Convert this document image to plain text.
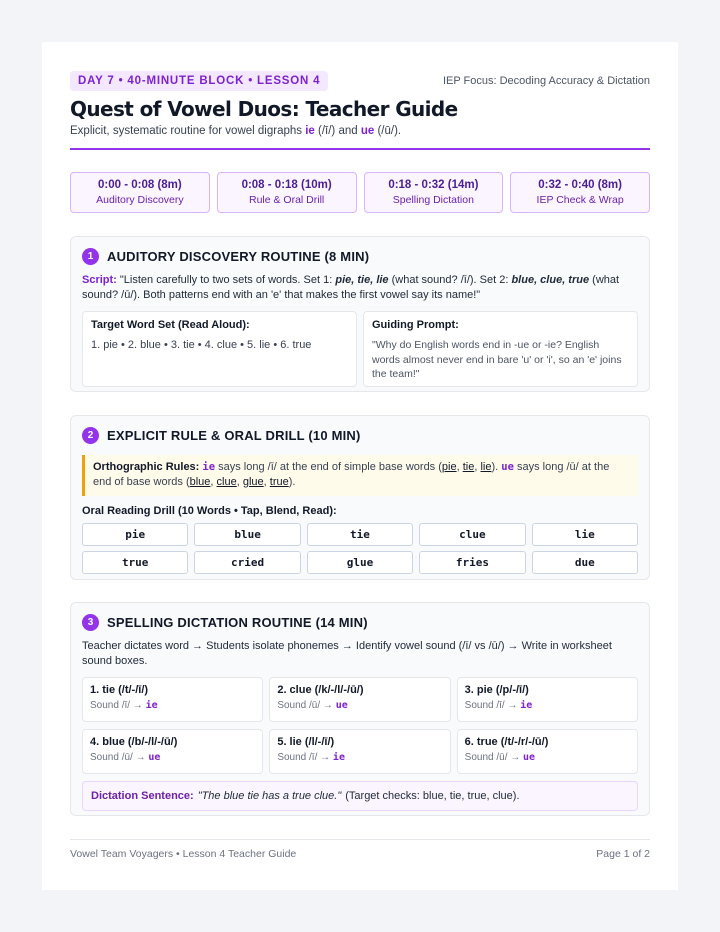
DAY 7 • 40-MINUTE BLOCK • LESSON 4	IEP Focus: Decoding Accuracy & Dictation
Quest of Vowel Duos: Teacher Guide
Explicit, systematic routine for vowel digraphs ie (/ī/) and ue (/ū/).
0:00 - 0:08 (8m)
Auditory Discovery
0:08 - 0:18 (10m)
Rule & Oral Drill
0:18 - 0:32 (14m)
Spelling Dictation
0:32 - 0:40 (8m)
IEP Check & Wrap
1	AUDITORY DISCOVERY ROUTINE (8 MIN)
Script: "Listen carefully to two sets of words. Set 1: pie, tie, lie (what sound? /ī/). Set 2: blue, clue, true (what sound? /ū/). Both patterns end with an 'e' that makes the first vowel say its name!"
Target Word Set (Read Aloud):
1. pie • 2. blue • 3. tie • 4. clue • 5. lie • 6. true
Guiding Prompt:
"Why do English words end in -ue or -ie? English words almost never end in bare 'u' or 'i', so an 'e' joins the team!"
2	EXPLICIT RULE & ORAL DRILL (10 MIN)
Orthographic Rules: ie says long /ī/ at the end of simple base words (pie, tie, lie). ue says long /ū/ at the end of base words (blue, clue, glue, true).
Oral Reading Drill (10 Words • Tap, Blend, Read):
pie	blue	tie	clue	lie
true	cried	glue	fries	due
3	SPELLING DICTATION ROUTINE (14 MIN)
Teacher dictates word → Students isolate phonemes → Identify vowel sound (/ī/ vs /ū/) → Write in worksheet sound boxes.
1. tie (/t/-/ī/)
Sound /ī/ → ie
2. clue (/k/-/l/-/ū/)
Sound /ū/ → ue
3. pie (/p/-/ī/)
Sound /ī/ → ie
4. blue (/b/-/l/-/ū/)
Sound /ū/ → ue
5. lie (/l/-/ī/)
Sound /ī/ → ie
6. true (/t/-/r/-/ū/)
Sound /ū/ → ue
Dictation Sentence: "The blue tie has a true clue." (Target checks: blue, tie, true, clue).
Vowel Team Voyagers • Lesson 4 Teacher Guide	Page 1 of 2
